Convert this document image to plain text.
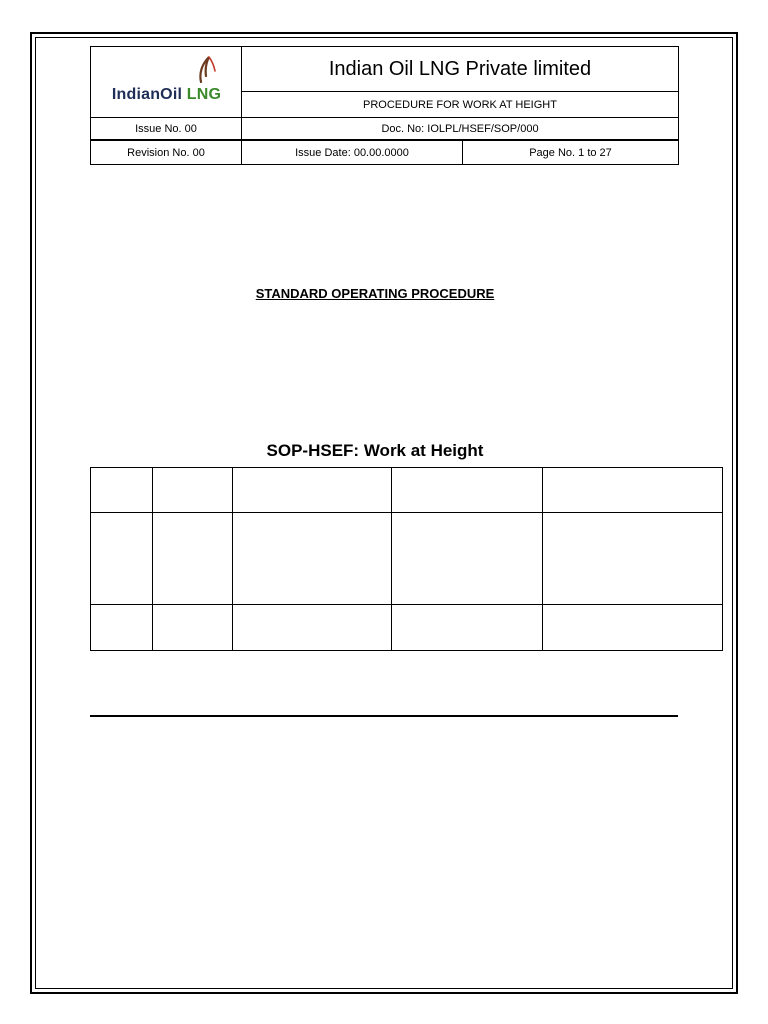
IndianOil LNG
Indian Oil LNG Private limited
PROCEDURE FOR WORK AT HEIGHT
Issue No. 00	Doc. No: IOLPL/HSEF/SOP/000
Revision No. 00	Issue Date: 00.00.0000	Page No. 1 to 27
STANDARD OPERATING PROCEDURE
SOP-HSEF: Work at Height
